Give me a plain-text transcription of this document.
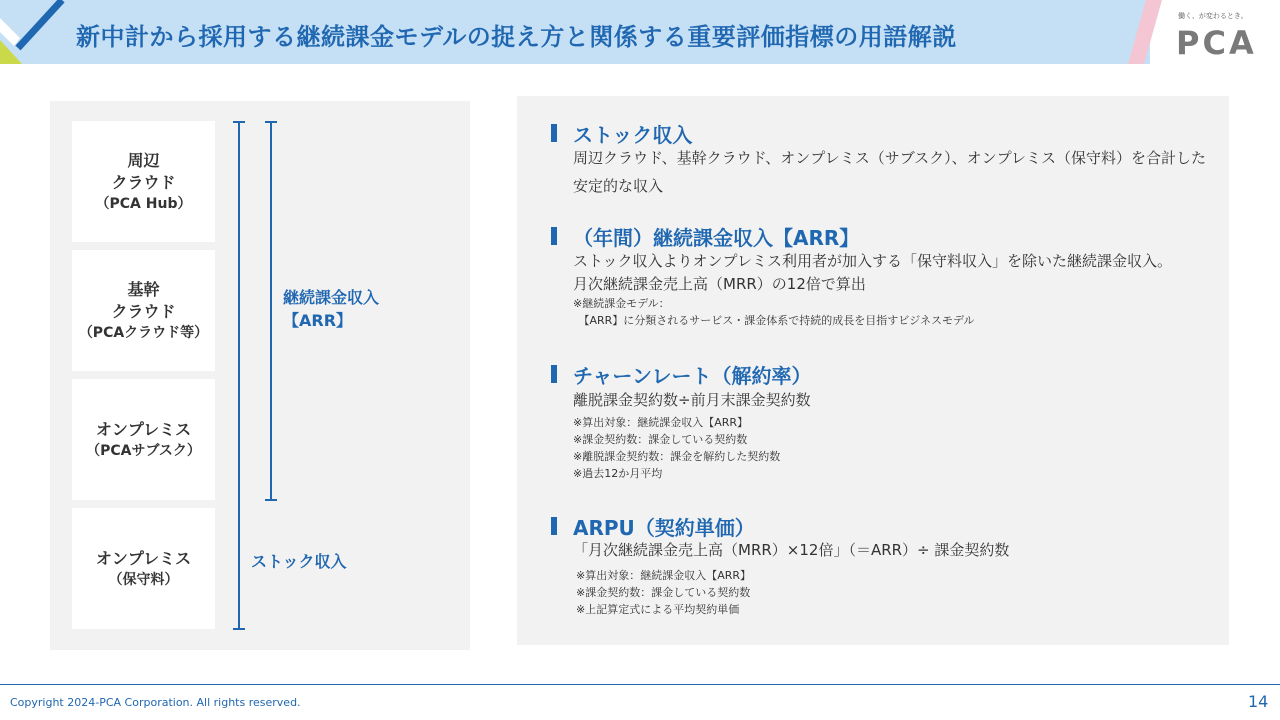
新中計から採用する継続課金モデルの捉え方と関係する重要評価指標の用語解説
働く、が変わるとき。
PCA
周辺
クラウド
（PCA Hub）
基幹
クラウド
（PCAクラウド等）
オンプレミス
（PCAサブスク）
オンプレミス
（保守料）
継続課金収入
【ARR】
ストック収入
ストック収入
周辺クラウド、基幹クラウド、オンプレミス（サブスク）、オンプレミス（保守料）を合計した
安定的な収入
（年間）継続課金収入【ARR】
ストック収入よりオンプレミス利用者が加入する「保守料収入」を除いた継続課金収入。
月次継続課金売上高（MRR）の12倍で算出
※継続課金モデル：
　【ARR】に分類されるサービス・課金体系で持続的成長を目指すビジネスモデル
チャーンレート（解約率）
離脱課金契約数÷前月末課金契約数
※算出対象：継続課金収入【ARR】
※課金契約数：課金している契約数
※離脱課金契約数：課金を解約した契約数
※過去12か月平均
ARPU（契約単価）
「月次継続課金売上高（MRR）×12倍」（＝ARR）÷ 課金契約数
※算出対象：継続課金収入【ARR】
※課金契約数：課金している契約数
※上記算定式による平均契約単価
Copyright 2024-PCA Corporation. All rights reserved.	14
